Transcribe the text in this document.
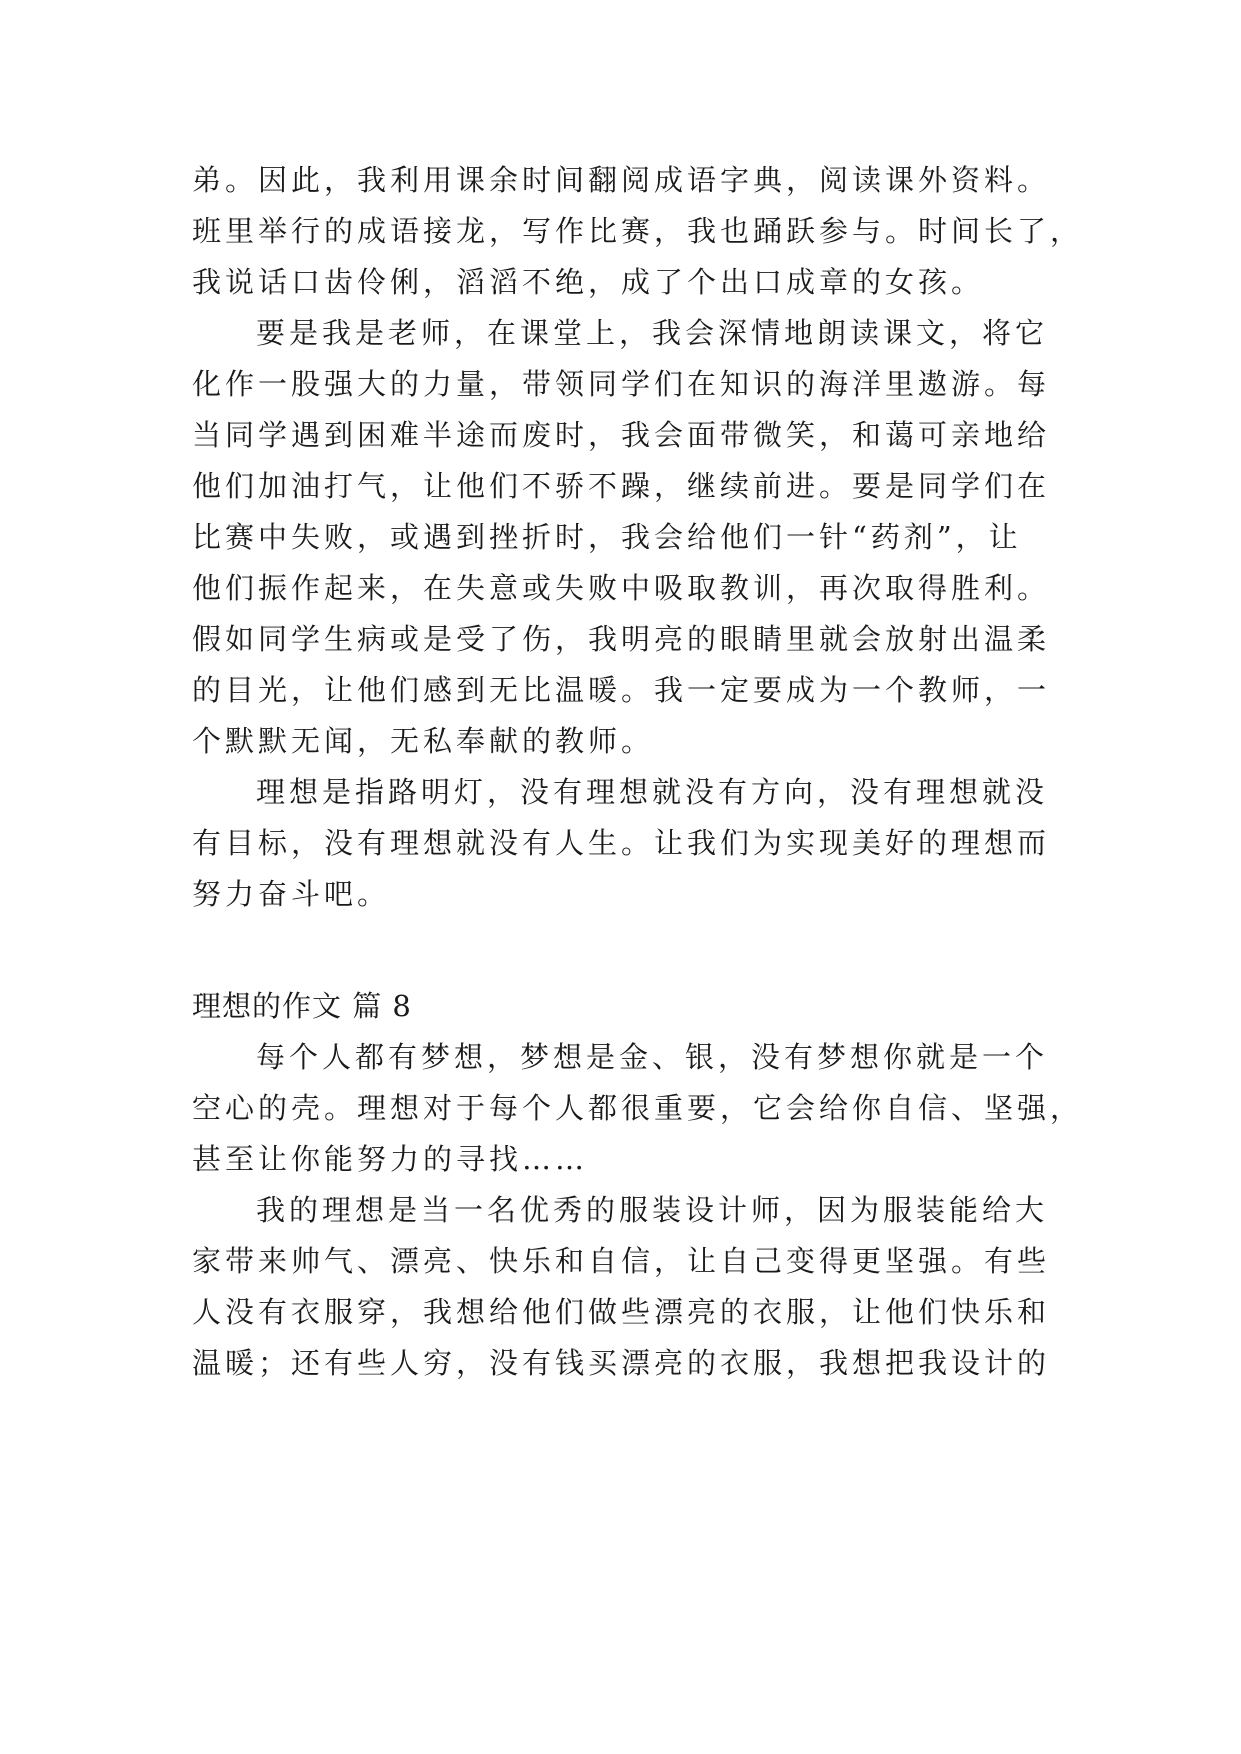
弟。因此，我利用课余时间翻阅成语字典，阅读课外资料。
班里举行的成语接龙，写作比赛，我也踊跃参与。时间长了，
我说话口齿伶俐，滔滔不绝，成了个出口成章的女孩。
要是我是老师，在课堂上，我会深情地朗读课文，将它
化作一股强大的力量，带领同学们在知识的海洋里遨游。每
当同学遇到困难半途而废时，我会面带微笑，和蔼可亲地给
他们加油打气，让他们不骄不躁，继续前进。要是同学们在
比赛中失败，或遇到挫折时，我会给他们一针“药剂”，让
他们振作起来，在失意或失败中吸取教训，再次取得胜利。
假如同学生病或是受了伤，我明亮的眼睛里就会放射出温柔
的目光，让他们感到无比温暖。我一定要成为一个教师，一
个默默无闻，无私奉献的教师。
理想是指路明灯，没有理想就没有方向，没有理想就没
有目标，没有理想就没有人生。让我们为实现美好的理想而
努力奋斗吧。
理想的作文 篇 8
每个人都有梦想，梦想是金、银，没有梦想你就是一个
空心的壳。理想对于每个人都很重要，它会给你自信、坚强，
甚至让你能努力的寻找……
我的理想是当一名优秀的服装设计师，因为服装能给大
家带来帅气、漂亮、快乐和自信，让自己变得更坚强。有些
人没有衣服穿，我想给他们做些漂亮的衣服，让他们快乐和
温暖；还有些人穷，没有钱买漂亮的衣服，我想把我设计的
